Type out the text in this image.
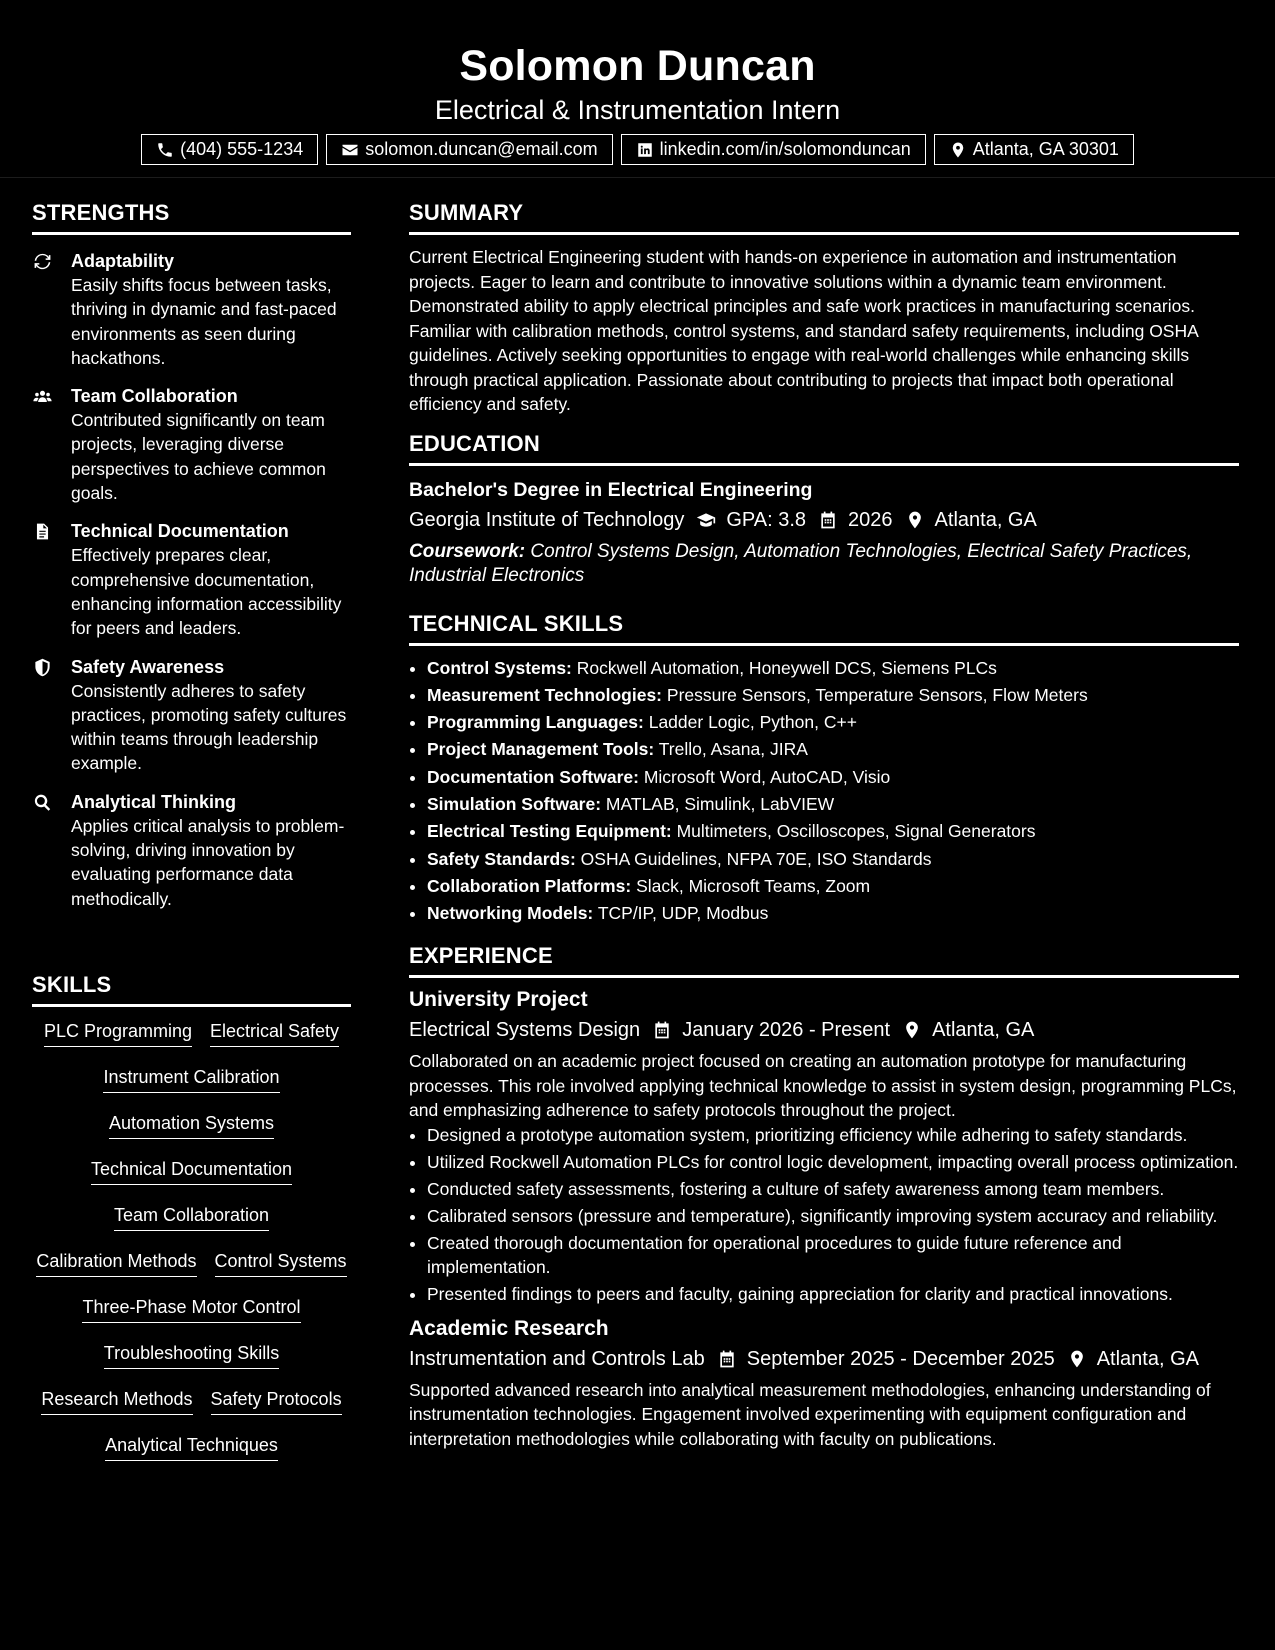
Solomon Duncan
Electrical & Instrumentation Intern
(404) 555-1234	solomon.duncan@email.com	linkedin.com/in/solomonduncan	Atlanta, GA 30301
STRENGTHS
Adaptability
Easily shifts focus between tasks, thriving in dynamic and fast-paced environments as seen during hackathons.
Team Collaboration
Contributed significantly on team projects, leveraging diverse perspectives to achieve common goals.
Technical Documentation
Effectively prepares clear, comprehensive documentation, enhancing information accessibility for peers and leaders.
Safety Awareness
Consistently adheres to safety practices, promoting safety cultures within teams through leadership example.
Analytical Thinking
Applies critical analysis to problem-solving, driving innovation by evaluating performance data methodically.
SKILLS
PLC Programming Electrical Safety
Instrument Calibration
Automation Systems
Technical Documentation
Team Collaboration
Calibration Methods Control Systems
Three-Phase Motor Control
Troubleshooting Skills
Research Methods Safety Protocols
Analytical Techniques
SUMMARY
Current Electrical Engineering student with hands-on experience in automation and instrumentation projects. Eager to learn and contribute to innovative solutions within a dynamic team environment. Demonstrated ability to apply electrical principles and safe work practices in manufacturing scenarios. Familiar with calibration methods, control systems, and standard safety requirements, including OSHA guidelines. Actively seeking opportunities to engage with real-world challenges while enhancing skills through practical application. Passionate about contributing to projects that impact both operational efficiency and safety.
EDUCATION
Bachelor's Degree in Electrical Engineering
Georgia Institute of Technology GPA: 3.8 2026 Atlanta, GA
Coursework: Control Systems Design, Automation Technologies, Electrical Safety Practices, Industrial Electronics
TECHNICAL SKILLS
• Control Systems: Rockwell Automation, Honeywell DCS, Siemens PLCs
• Measurement Technologies: Pressure Sensors, Temperature Sensors, Flow Meters
• Programming Languages: Ladder Logic, Python, C++
• Project Management Tools: Trello, Asana, JIRA
• Documentation Software: Microsoft Word, AutoCAD, Visio
• Simulation Software: MATLAB, Simulink, LabVIEW
• Electrical Testing Equipment: Multimeters, Oscilloscopes, Signal Generators
• Safety Standards: OSHA Guidelines, NFPA 70E, ISO Standards
• Collaboration Platforms: Slack, Microsoft Teams, Zoom
• Networking Models: TCP/IP, UDP, Modbus
EXPERIENCE
University Project
Electrical Systems Design January 2026 - Present Atlanta, GA
Collaborated on an academic project focused on creating an automation prototype for manufacturing processes. This role involved applying technical knowledge to assist in system design, programming PLCs, and emphasizing adherence to safety protocols throughout the project.
• Designed a prototype automation system, prioritizing efficiency while adhering to safety standards.
• Utilized Rockwell Automation PLCs for control logic development, impacting overall process optimization.
• Conducted safety assessments, fostering a culture of safety awareness among team members.
• Calibrated sensors (pressure and temperature), significantly improving system accuracy and reliability.
• Created thorough documentation for operational procedures to guide future reference and implementation.
• Presented findings to peers and faculty, gaining appreciation for clarity and practical innovations.
Academic Research
Instrumentation and Controls Lab September 2025 - December 2025 Atlanta, GA
Supported advanced research into analytical measurement methodologies, enhancing understanding of instrumentation technologies. Engagement involved experimenting with equipment configuration and interpretation methodologies while collaborating with faculty on publications.
